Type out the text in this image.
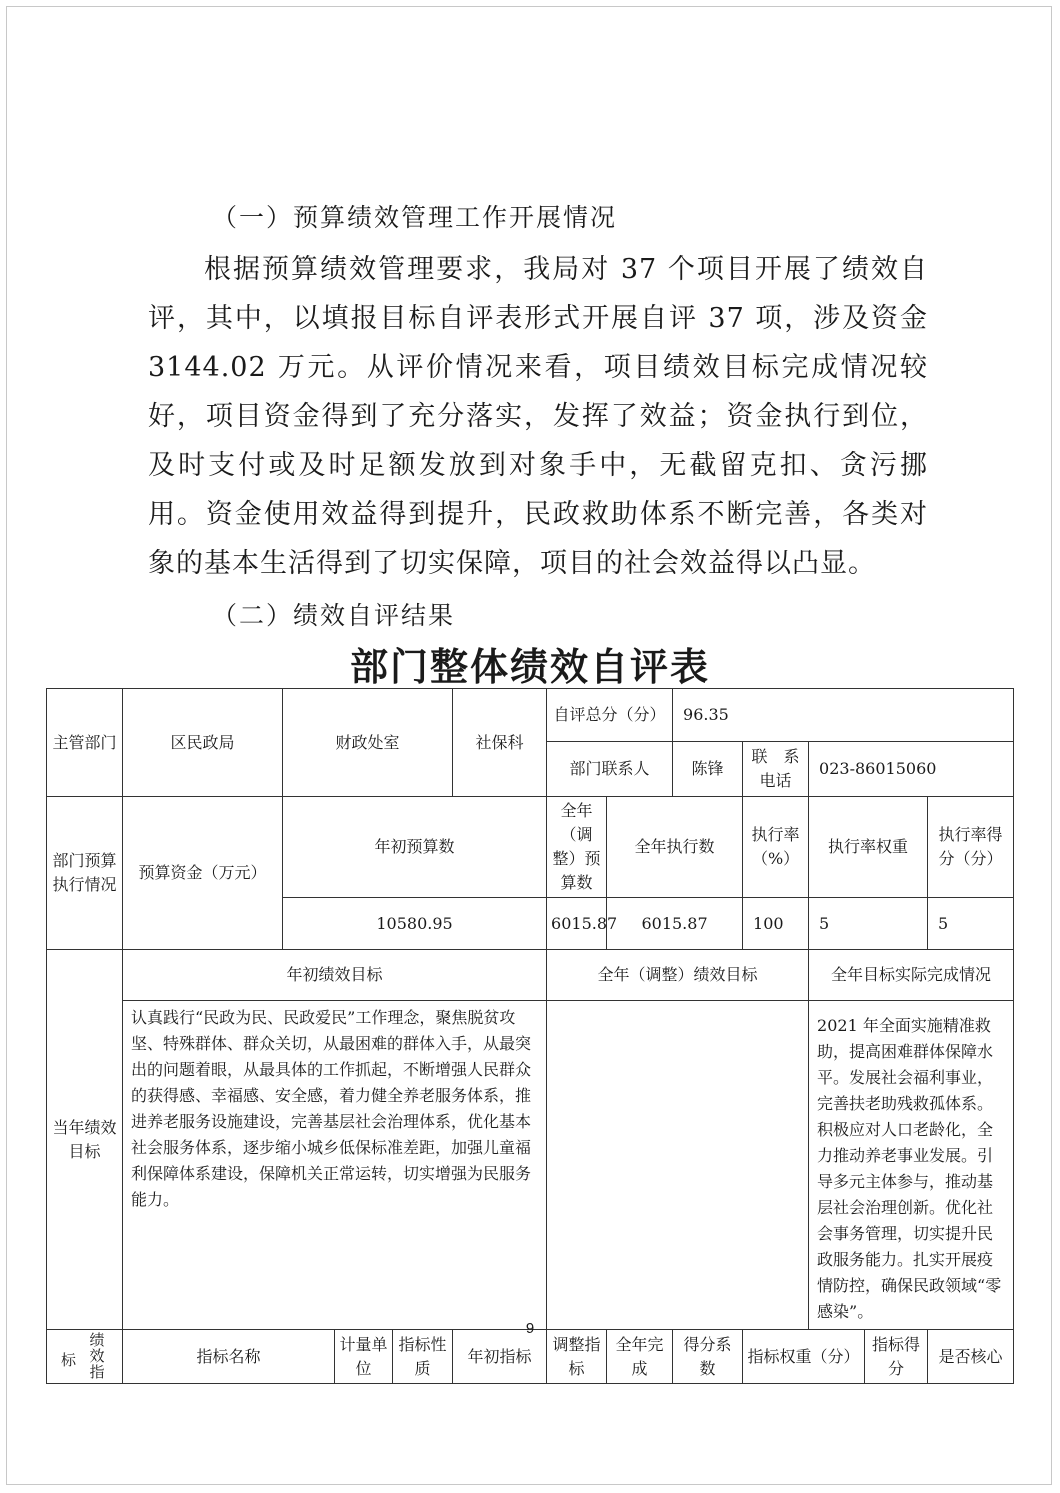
（一）预算绩效管理工作开展情况
根据预算绩效管理要求，我局对 37 个项目开展了绩效自评，其中，以填报目标自评表形式开展自评 37 项，涉及资金 3144.02 万元。从评价情况来看，项目绩效目标完成情况较好，项目资金得到了充分落实，发挥了效益；资金执行到位，及时支付或及时足额发放到对象手中，无截留克扣、贪污挪用。资金使用效益得到提升，民政救助体系不断完善，各类对象的基本生活得到了切实保障，项目的社会效益得以凸显。
（二）绩效自评结果
部门整体绩效自评表
主管部门	区民政局	财政处室			社保科	自评总分（分）		96.35				
						部门联系人		陈锋	联　系电话	023-86015060		
部门预算执行情况	预算资金（万元）	年初预算数				全年（调整）预算数	全年执行数		执行率（%）	执行率权重		执行率得分（分）
		10580.95				6015.87	6015.87		100	5		5
当年绩效目标	年初绩效目标					全年（调整）绩效目标				全年目标实际完成情况		
	认真践行“民政为民、民政爱民”工作理念，聚焦脱贫攻坚、特殊群体、群众关切，从最困难的群体入手，从最突出的问题着眼，从最具体的工作抓起，不断增强人民群众的获得感、幸福感、安全感，着力健全养老服务体系，推进养老服务设施建设，完善基层社会治理体系，优化基本社会服务体系，逐步缩小城乡低保标准差距，加强儿童福利保障体系建设，保障机关正常运转，切实增强为民服务能力。									2021 年全面实施精准救助，提高困难群体保障水平。发展社会福利事业，完善扶老助残救孤体系。积极应对人口老龄化，全力推动养老事业发展。引导多元主体参与，推动基层社会治理创新。优化社会事务管理，切实提升民政服务能力。扎实开展疫情防控，确保民政领域“零感染”。		

标
绩效指	指标名称		计量单位	指标性质	年初指标	调整指标	全年完成	得分系数	指标权重（分）		指标得分	是否核心
9
